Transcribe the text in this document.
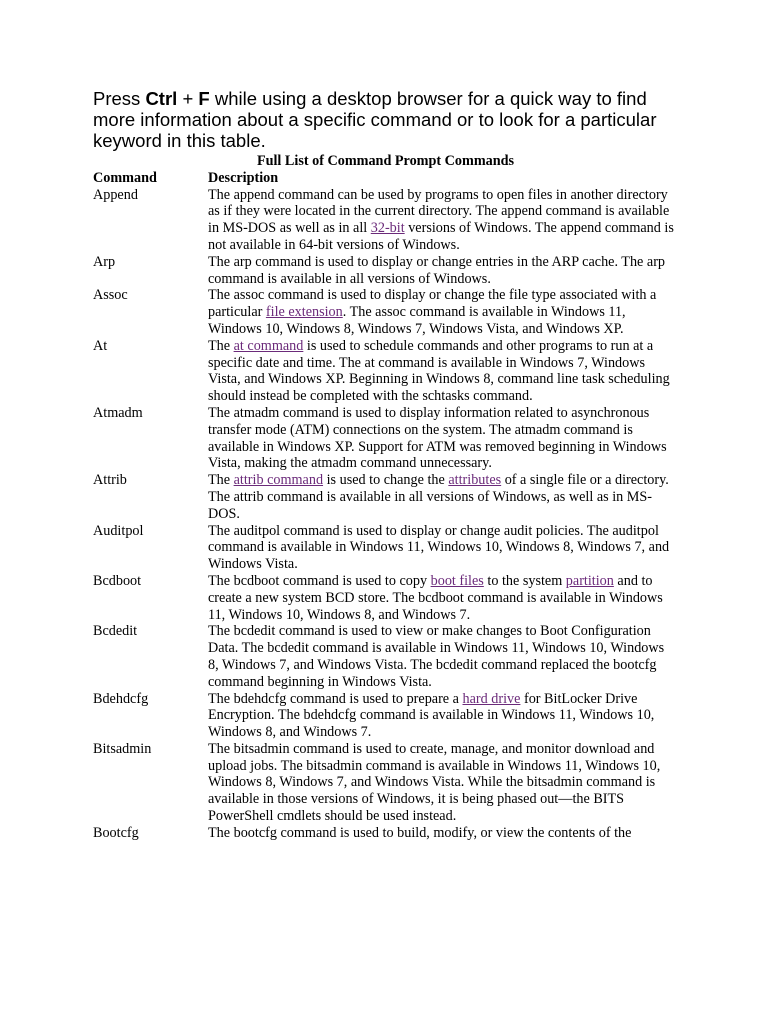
Press Ctrl + F while using a desktop browser for a quick way to find more information about a specific command or to look for a particular keyword in this table.

Full List of Command Prompt Commands
Command	Description
Append	The append command can be used by programs to open files in another directory as if they were located in the current directory. The append command is available in MS-DOS as well as in all 32-bit versions of Windows. The append command is not available in 64-bit versions of Windows.
Arp	The arp command is used to display or change entries in the ARP cache. The arp command is available in all versions of Windows.
Assoc	The assoc command is used to display or change the file type associated with a particular file extension. The assoc command is available in Windows 11, Windows 10, Windows 8, Windows 7, Windows Vista, and Windows XP.
At	The at command is used to schedule commands and other programs to run at a specific date and time. The at command is available in Windows 7, Windows Vista, and Windows XP. Beginning in Windows 8, command line task scheduling should instead be completed with the schtasks command.
Atmadm	The atmadm command is used to display information related to asynchronous transfer mode (ATM) connections on the system. The atmadm command is available in Windows XP. Support for ATM was removed beginning in Windows Vista, making the atmadm command unnecessary.
Attrib	The attrib command is used to change the attributes of a single file or a directory. The attrib command is available in all versions of Windows, as well as in MS-DOS.
Auditpol	The auditpol command is used to display or change audit policies. The auditpol command is available in Windows 11, Windows 10, Windows 8, Windows 7, and Windows Vista.
Bcdboot	The bcdboot command is used to copy boot files to the system partition and to create a new system BCD store. The bcdboot command is available in Windows 11, Windows 10, Windows 8, and Windows 7.
Bcdedit	The bcdedit command is used to view or make changes to Boot Configuration Data. The bcdedit command is available in Windows 11, Windows 10, Windows 8, Windows 7, and Windows Vista. The bcdedit command replaced the bootcfg command beginning in Windows Vista.
Bdehdcfg	The bdehdcfg command is used to prepare a hard drive for BitLocker Drive Encryption. The bdehdcfg command is available in Windows 11, Windows 10, Windows 8, and Windows 7.
Bitsadmin	The bitsadmin command is used to create, manage, and monitor download and upload jobs. The bitsadmin command is available in Windows 11, Windows 10, Windows 8, Windows 7, and Windows Vista. While the bitsadmin command is available in those versions of Windows, it is being phased out—the BITS PowerShell cmdlets should be used instead.
Bootcfg	The bootcfg command is used to build, modify, or view the contents of the
